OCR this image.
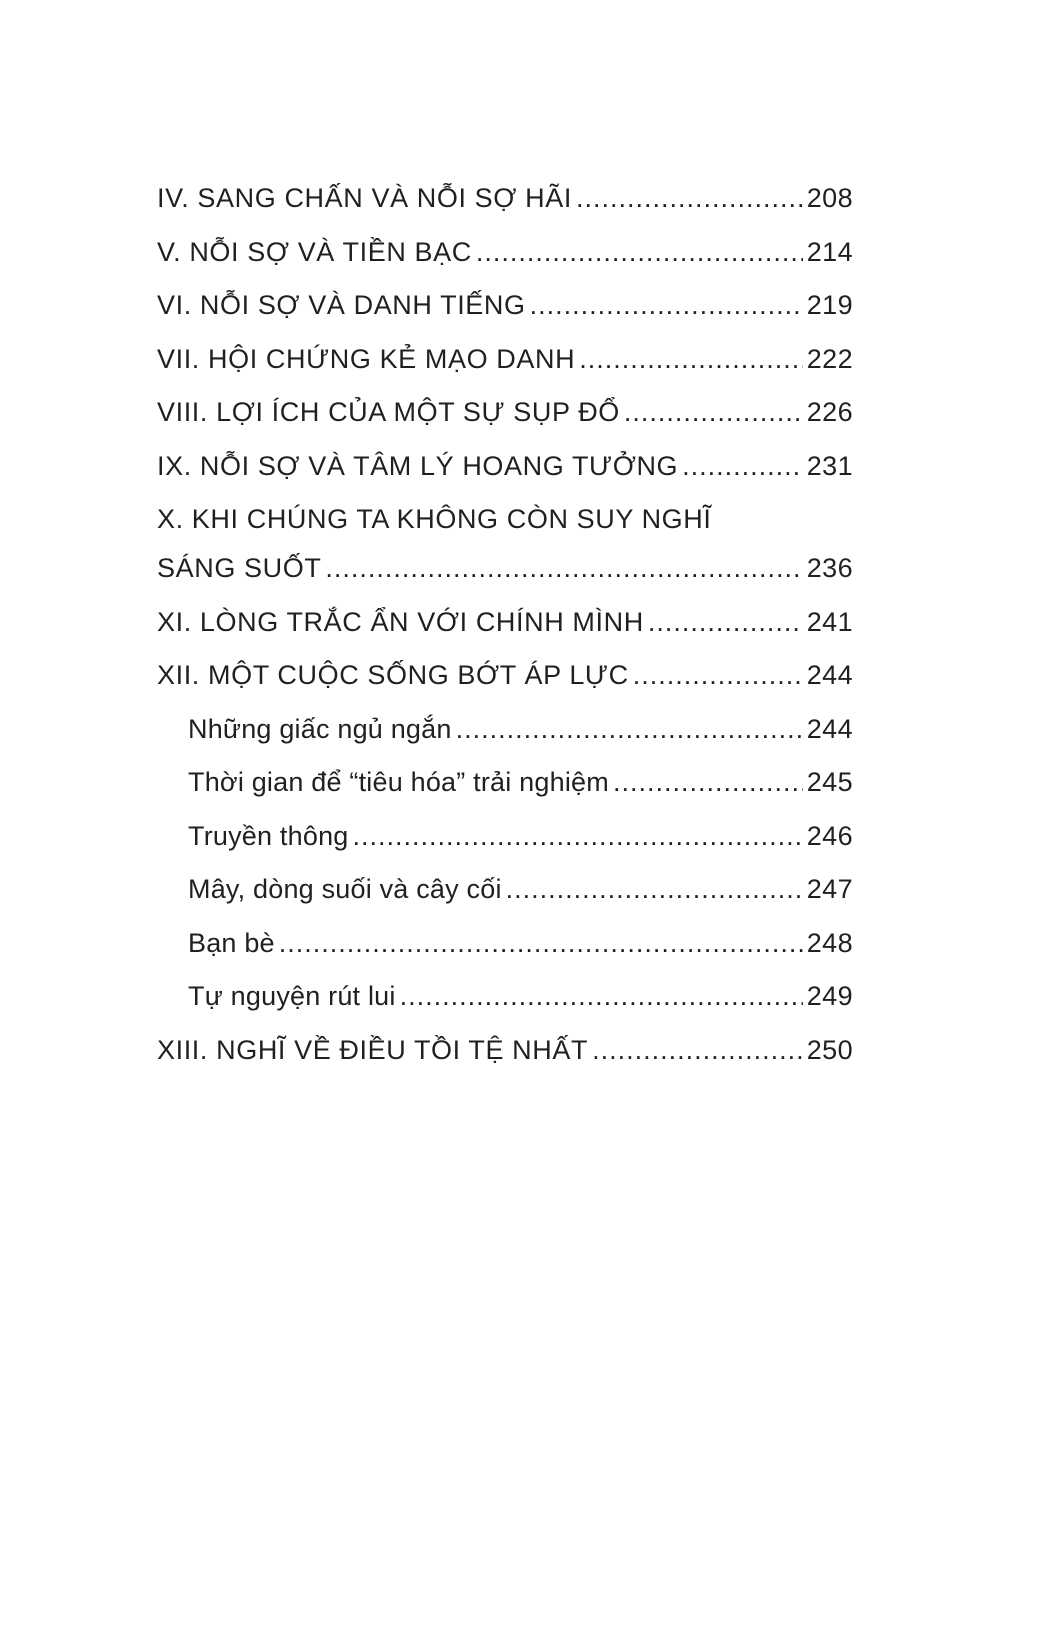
IV. SANG CHẤN VÀ NỖI SỢ HÃI .....	208
V. NỖI SỢ VÀ TIỀN BẠC .....	214
VI. NỖI SỢ VÀ DANH TIẾNG .....	219
VII. HỘI CHỨNG KẺ MẠO DANH .....	222
VIII. LỢI ÍCH CỦA MỘT SỰ SỤP ĐỔ .....	226
IX. NỖI SỢ VÀ TÂM LÝ HOANG TƯỞNG .....	231
X. KHI CHÚNG TA KHÔNG CÒN SUY NGHĨ
SÁNG SUỐT .....	236
XI. LÒNG TRẮC ẨN VỚI CHÍNH MÌNH .....	241
XII. MỘT CUỘC SỐNG BỚT ÁP LỰC .....	244
Những giấc ngủ ngắn .....	244
Thời gian để “tiêu hóa” trải nghiệm .....	245
Truyền thông .....	246
Mây, dòng suối và cây cối .....	247
Bạn bè .....	248
Tự nguyện rút lui .....	249
XIII. NGHĨ VỀ ĐIỀU TỒI TỆ NHẤT .....	250
